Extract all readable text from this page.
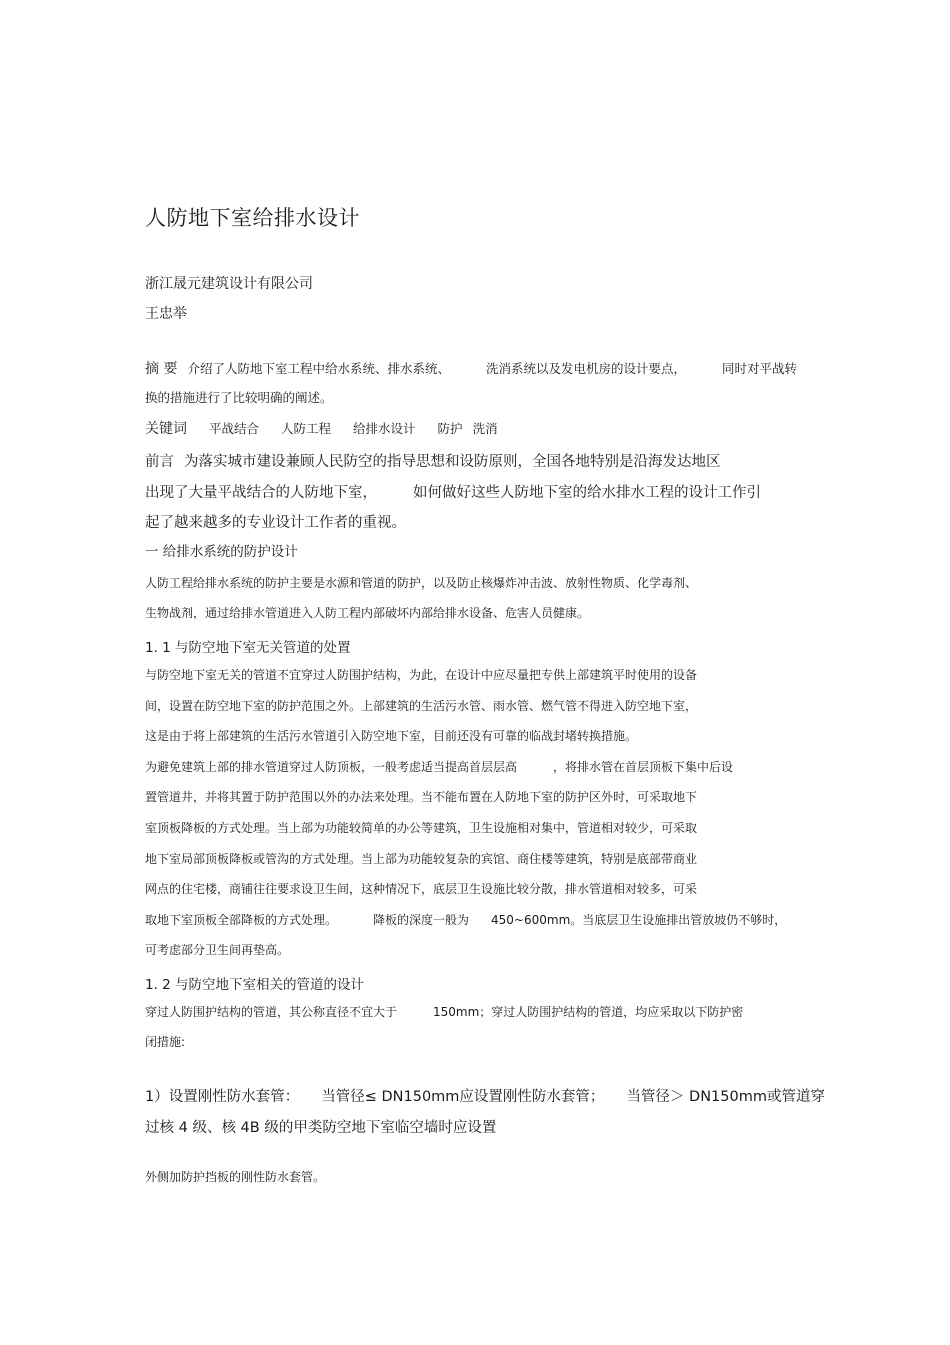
人防地下室给排水设计
浙江晟元建筑设计有限公司
王忠举
摘 要 介绍了人防地下室工程中给水系统、排水系统、	洗消系统以及发电机房的设计要点，	同时对平战转
换的措施进行了比较明确的阐述。
关键词 平战结合 人防工程 给排水设计 防护 洗消
前言 为落实城市建设兼顾人民防空的指导思想和设防原则，全国各地特别是沿海发达地区
出现了大量平战结合的人防地下室， 如何做好这些人防地下室的给水排水工程的设计工作引
起了越来越多的专业设计工作者的重视。
一 给排水系统的防护设计
人防工程给排水系统的防护主要是水源和管道的防护，以及防止核爆炸冲击波、放射性物质、化学毒剂、
生物战剂，通过给排水管道进入人防工程内部破坏内部给排水设备、危害人员健康。
1. 1 与防空地下室无关管道的处置
与防空地下室无关的管道不宜穿过人防围护结构，为此，在设计中应尽量把专供上部建筑平时使用的设备
间，设置在防空地下室的防护范围之外。上部建筑的生活污水管、雨水管、燃气管不得进入防空地下室，
这是由于将上部建筑的生活污水管道引入防空地下室，目前还没有可靠的临战封堵转换措施。
为避免建筑上部的排水管道穿过人防顶板，一般考虑适当提高首层层高	，将排水管在首层顶板下集中后设
置管道井，并将其置于防护范围以外的办法来处理。当不能布置在人防地下室的防护区外时，可采取地下
室顶板降板的方式处理。当上部为功能较简单的办公等建筑，卫生设施相对集中，管道相对较少，可采取
地下室局部顶板降板或管沟的方式处理。当上部为功能较复杂的宾馆、商住楼等建筑，特别是底部带商业
网点的住宅楼，商铺往往要求设卫生间，这种情况下，底层卫生设施比较分散，排水管道相对较多，可采
取地下室顶板全部降板的方式处理。	降板的深度一般为 450~600mm。当底层卫生设施排出管放坡仍不够时，
可考虑部分卫生间再垫高。
1. 2 与防空地下室相关的管道的设计
穿过人防围护结构的管道，其公称直径不宜大于	150mm；穿过人防围护结构的管道，均应采取以下防护密
闭措施:
1）设置刚性防水套管： 当管径≤ DN150mm应设置刚性防水套管； 当管径＞ DN150mm或管道穿
过核 4 级、核 4B 级的甲类防空地下室临空墙时应设置
外侧加防护挡板的刚性防水套管。
